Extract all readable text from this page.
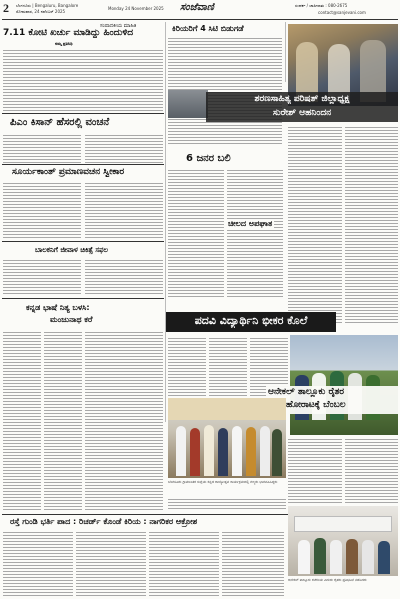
2 ಬೆಂಗಳೂರು | Bengaluru, Bangalore
ಸೋಮವಾರ, 24 ನವೆಂಬರ್ 2025
Monday 24 November 2025 ಸಂಜೆವಾಣಿ	ಸಂಪರ್ಕ / ಜಾಹೀರಾತು : 080-2675
contact@sanjevani.com
ಸಂಪಾದಕೀಯ ಮಾಹಿತಿ
7.11 ಕೋಟಿ ಖರ್ಚು ಮಾಡಿದ್ದು ಹಿಂದುಳಿದ
ನಮ್ಮ ಪ್ರತಿನಿಧಿ
ಪಿಎಂ ಕಿಸಾನ್ ಹೆಸರಲ್ಲಿ ವಂಚನೆ
ಸೂರ್ಯಕಾಂತ್ ಪ್ರಮಾಣವಚನ ಸ್ವೀಕಾರ
ಬಾಲಕನಿಗೆ ಜೀವಾಳ ಚಿಕಿತ್ಸೆ ಸಫಲ
ಕನ್ನಡ ಭಾಷೆ ನಿತ್ಯ ಬಳಸಿ:
ಮಂಜುನಾಥ ಕರೆ
ಕಿರಿಯರಿಗೆ 4 ಸಿಟಿ ಬಿಡುಗಡೆ
6 ಜನರ ಬಲಿ
ಚೀಲದ ಅಪಘಾತ
ಶರಣಸಾಹಿತ್ಯ ಪರಿಷತ್ ಜಿಲ್ಲಾಧ್ಯಕ್ಷ
ಸುರೇಶ್ ಆಹನಿಂದನ
ಪದವಿ ವಿದ್ಯಾರ್ಥಿನಿ ಭೀಕರ ಕೊಲೆ
ಆನೇಕಲ್ ತಾಲ್ಲೂಕು ರೈತರ
ಹೋರಾಟಕ್ಕೆ ಬೆಂಬಲ
ಬೆಂಗಳೂರು ಗ್ರಾಮಾಂತರ ಜಿಲ್ಲೆಯ ಕನ್ನಡ ರಾಜ್ಯೋತ್ಸವ ಕಾರ್ಯಕ್ರಮದಲ್ಲಿ ಗಣ್ಯರು ಭಾಗವಹಿಸಿದ್ದರು
ರಸ್ತೆ ಗುಂಡಿ ಭರ್ತಿ ಪಾದ : ರಿಚರ್ಡ್ ಕೊಂಡೆ ಕಿರಿಯ : ನಾಗರಿಕರ ಆಕ್ರೋಶ
ಆನೇಕಲ್ ತಾಲ್ಲೂಕು ಕಚೇರಿಯ ಎದುರು ರೈತರು ಪ್ರತಿಭಟನೆ ನಡೆಸಿದರು
